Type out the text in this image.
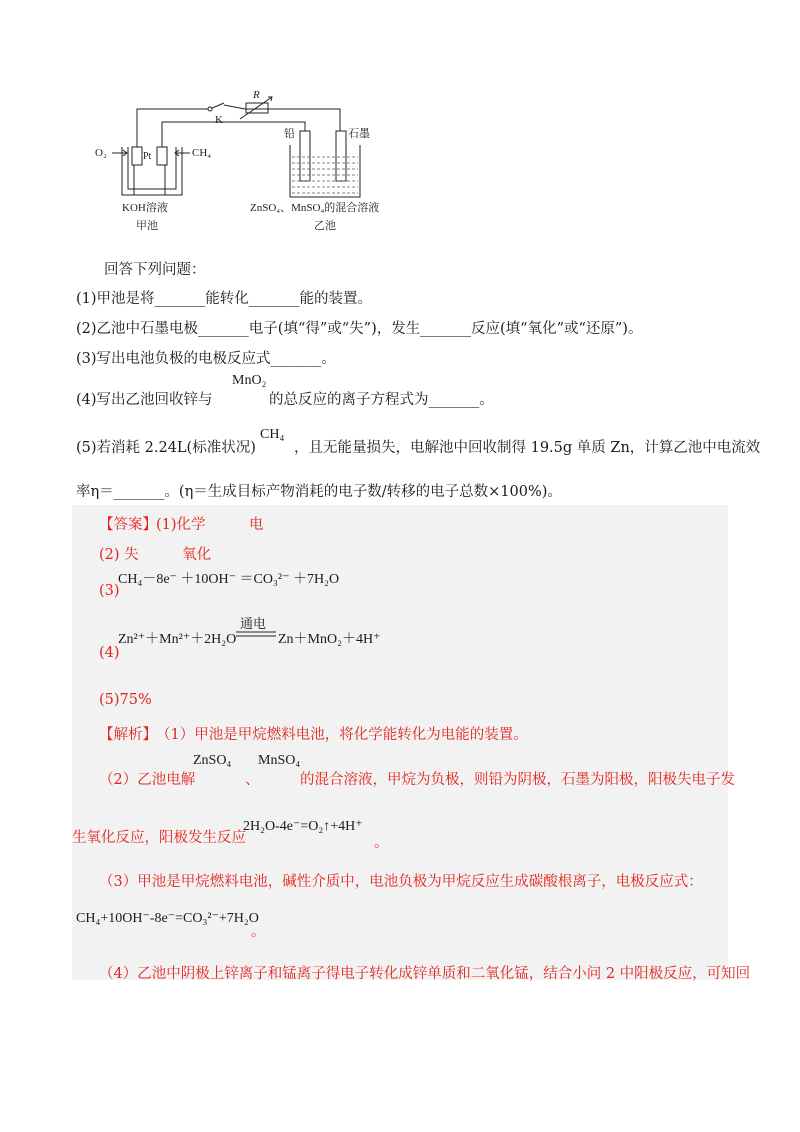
R
K
O₂	Pt	CH₄
铅	石墨
KOH溶液
甲池
ZnSO₄、MnSO₄的混合溶液
乙池
回答下列问题：
(1)甲池是将_______能转化_______能的装置。
(2)乙池中石墨电极_______电子(填“得”或“失”)，发生_______反应(填“氧化”或“还原”)。
(3)写出电池负极的电极反应式_______。
(4)写出乙池回收锌与
MnO₂
的总反应的离子方程式为_______。
(5)若消耗 2.24L(标准状况)
CH₄
，且无能量损失，电解池中回收制得 19.5g 单质 Zn，计算乙池中电流效
率η＝_______。(η＝生成目标产物消耗的电子数/转移的电子总数×100%)。
【答案】 (1)化学　　　电
(2) 失　　　氧化
(3)
CH₄－8e⁻ ＋10OH⁻ ＝CO₃²⁻ ＋7H₂O
(4)
Zn²⁺＋Mn²⁺＋2H₂O
通电
Zn＋MnO₂＋4H⁺
(5)75%
【解析】 （1）甲池是甲烷燃料电池，将化学能转化为电能的装置。
（2）乙池电解
ZnSO₄
、
MnSO₄
的混合溶液，甲烷为负极，则铅为阴极，石墨为阳极，阳极失电子发
生氧化反应，阳极发生反应
2H₂O-4e⁻=O₂↑+4H⁺
。
（3）甲池是甲烷燃料电池，碱性介质中，电池负极为甲烷反应生成碳酸根离子，电极反应式：
CH₄+10OH⁻-8e⁻=CO₃²⁻+7H₂O
。
（4）乙池中阴极上锌离子和锰离子得电子转化成锌单质和二氧化锰，结合小问 2 中阳极反应，可知回
